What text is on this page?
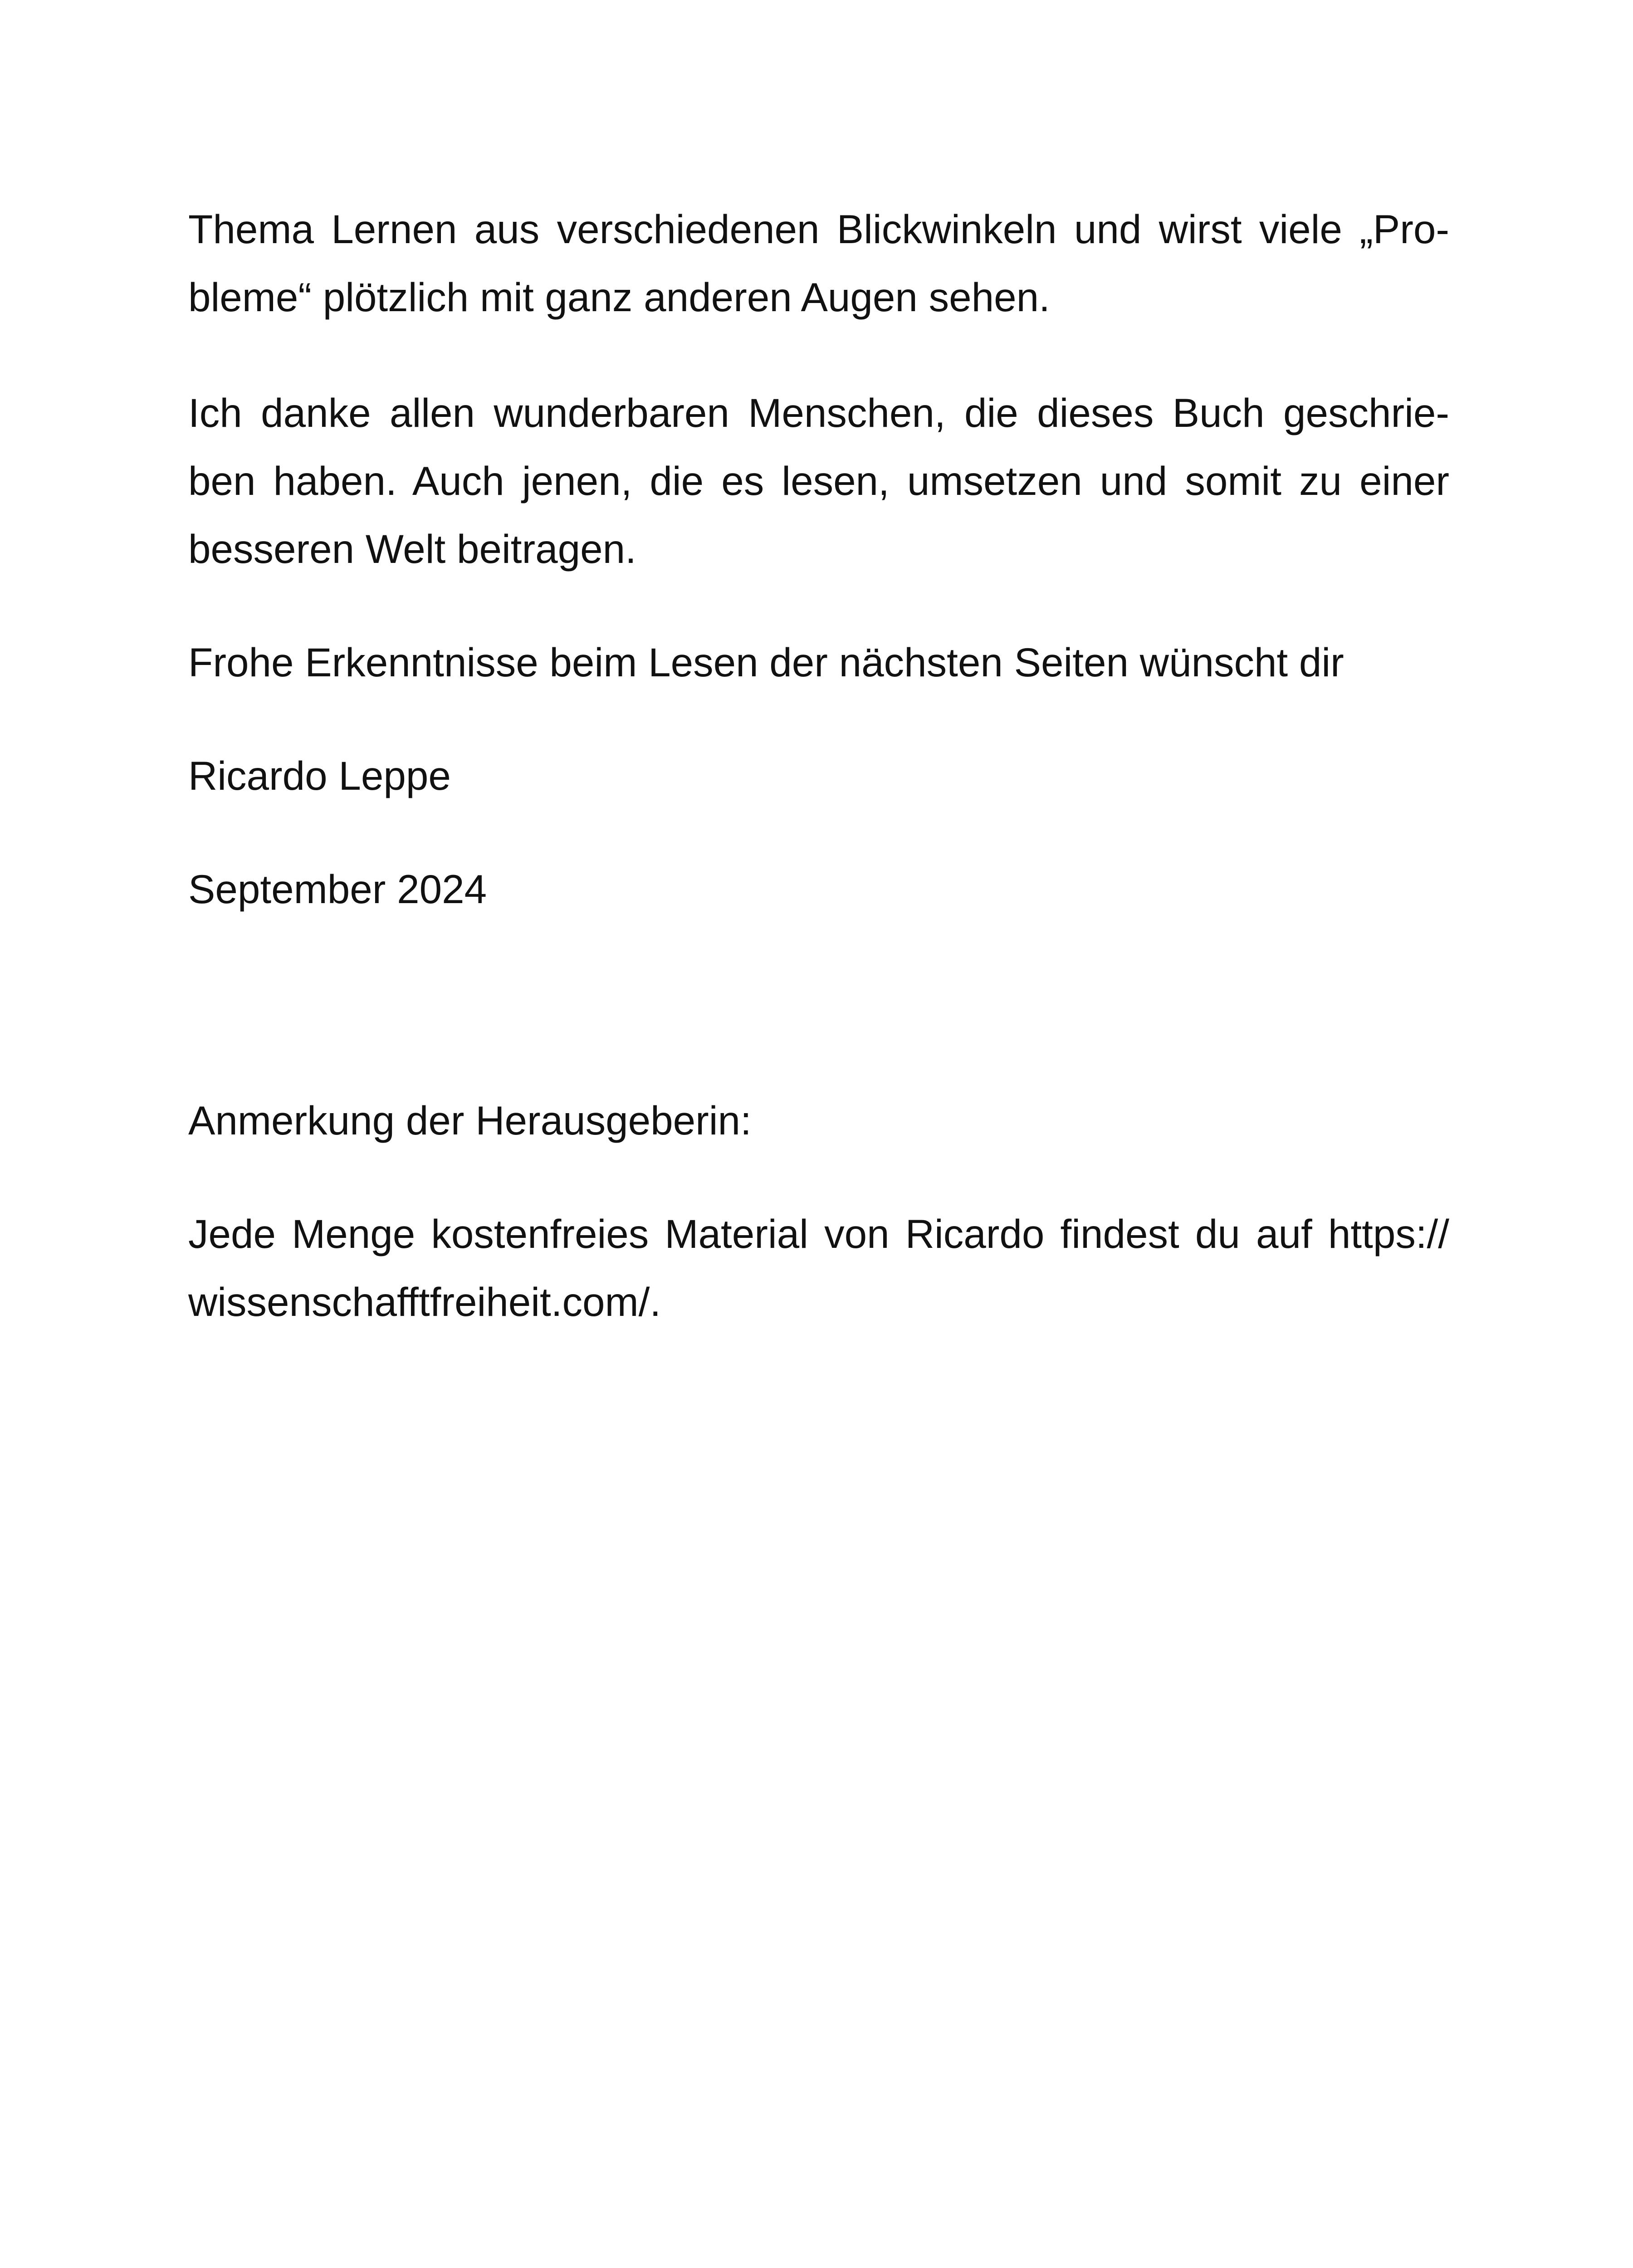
Thema Lernen aus verschiedenen Blickwinkeln und wirst viele „Pro-

bleme“ plötzlich mit ganz anderen Augen sehen.

Ich danke allen wunderbaren Menschen, die dieses Buch geschrie-

ben haben. Auch jenen, die es lesen, umsetzen und somit zu einer

besseren Welt beitragen.

Frohe Erkenntnisse beim Lesen der nächsten Seiten wünscht dir

Ricardo Leppe

September 2024

Anmerkung der Herausgeberin:

Jede Menge kostenfreies Material von Ricardo findest du auf https://

wissenschafftfreiheit.com/.
